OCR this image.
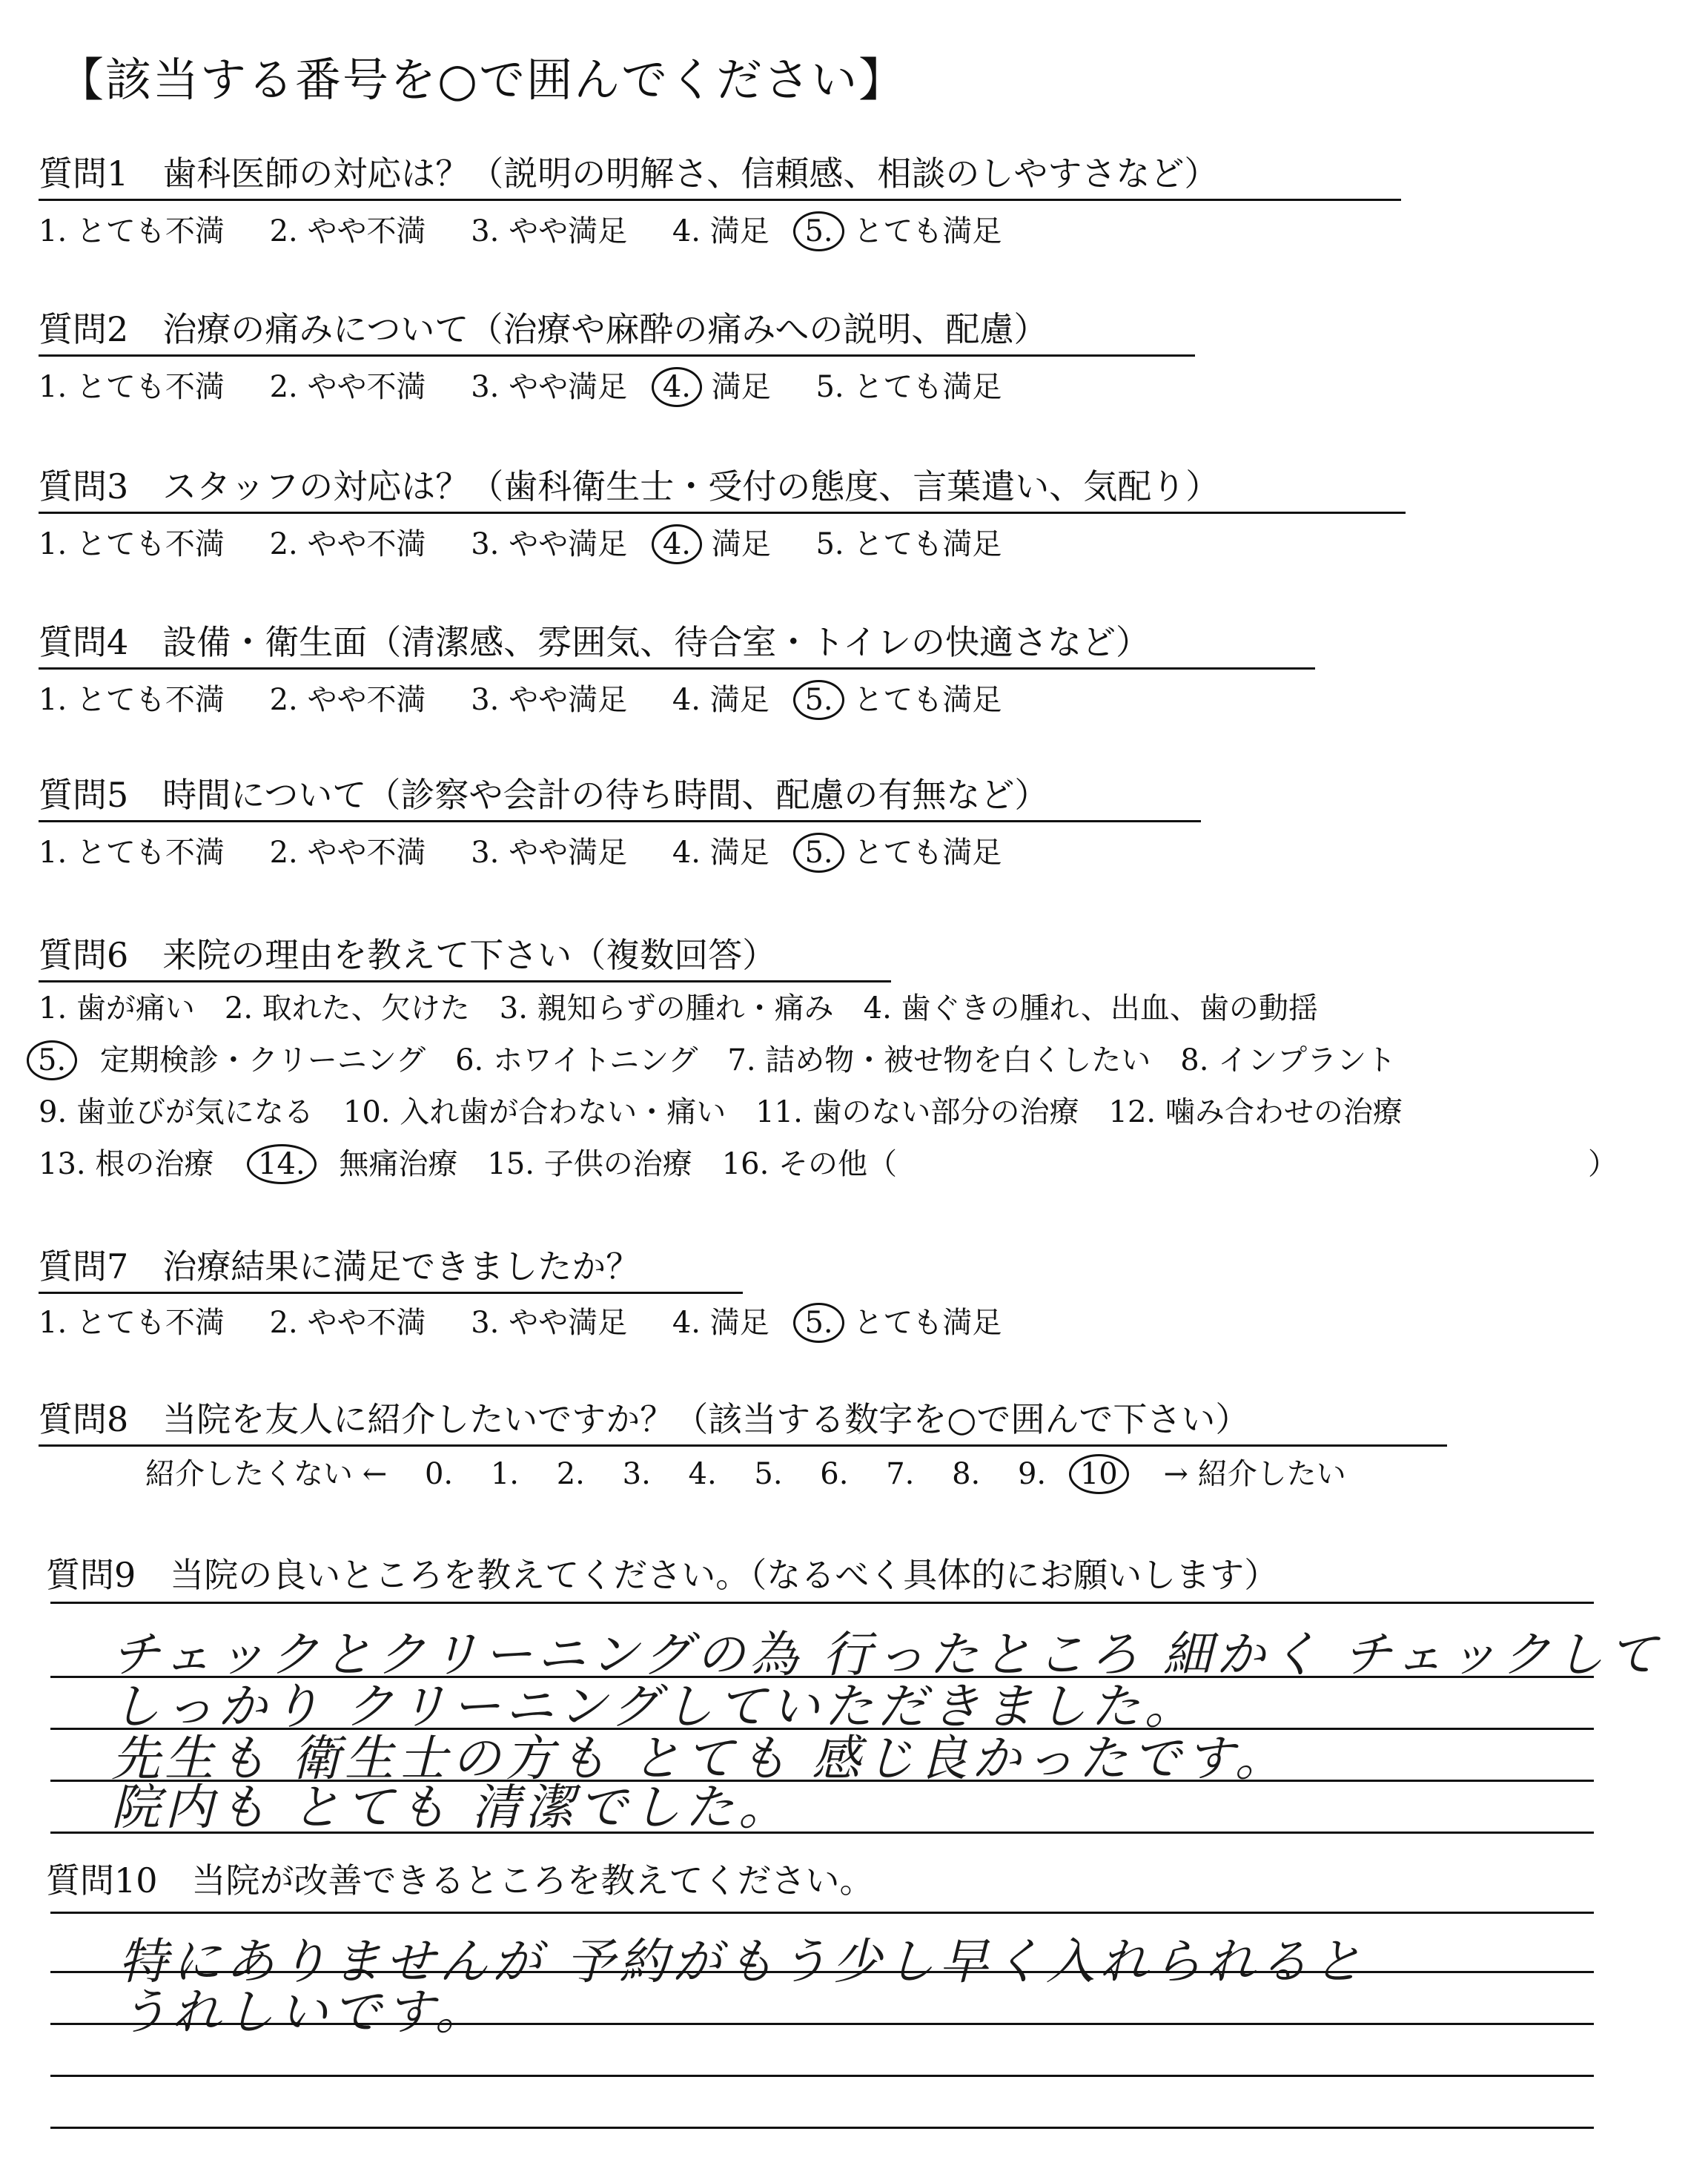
【該当する番号を○で囲んでください】
質問1　歯科医師の対応は？（説明の明解さ、信頼感、相談のしやすさなど）
1. とても不満 2. やや不満 3. やや満足 4. 満足 5. とても満足
質問2　治療の痛みについて（治療や麻酔の痛みへの説明、配慮）
1. とても不満 2. やや不満 3. やや満足 4. 満足 5. とても満足
質問3　スタッフの対応は？（歯科衛生士・受付の態度、言葉遣い、気配り）
1. とても不満 2. やや不満 3. やや満足 4. 満足 5. とても満足
質問4　設備・衛生面（清潔感、雰囲気、待合室・トイレの快適さなど）
1. とても不満 2. やや不満 3. やや満足 4. 満足 5. とても満足
質問5　時間について（診察や会計の待ち時間、配慮の有無など）
1. とても不満 2. やや不満 3. やや満足 4. 満足 5. とても満足
質問6　来院の理由を教えて下さい（複数回答）
1. 歯が痛い　2. 取れた、欠けた　3. 親知らずの腫れ・痛み　4. 歯ぐきの腫れ、出血、歯の動揺
5. 定期検診・クリーニング　6. ホワイトニング　7. 詰め物・被せ物を白くしたい　8. インプラント
9. 歯並びが気になる　10. 入れ歯が合わない・痛い　11. 歯のない部分の治療　12. 噛み合わせの治療
13. 根の治療 14. 無痛治療　15. 子供の治療　16. その他（	）
質問7　治療結果に満足できましたか？
1. とても不満 2. やや不満 3. やや満足 4. 満足 5. とても満足
質問8　当院を友人に紹介したいですか？（該当する数字を○で囲んで下さい）
紹介したくない ← 0. 1. 2. 3. 4. 5. 6. 7. 8. 9. 10 → 紹介したい
質問9　当院の良いところを教えてください。（なるべく具体的にお願いします）
チェックとクリーニングの為 行ったところ 細かく チェックして
しっかり クリーニングしていただきました。
先生も 衛生士の方も とても 感じ良かったです。
院内も とても 清潔でした。
質問10　当院が改善できるところを教えてください。
特にありませんが 予約がもう少し早く入れられると
うれしいです。
